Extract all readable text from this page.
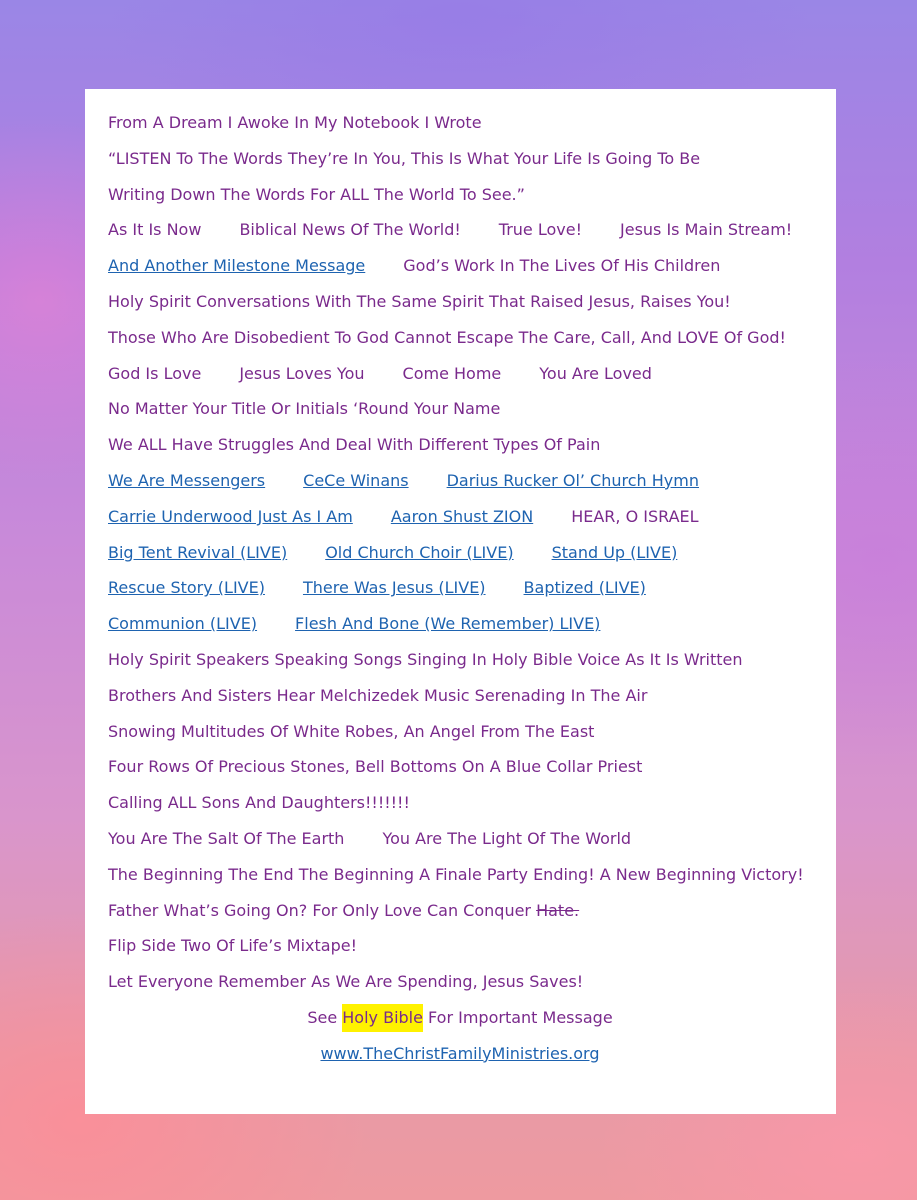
From A Dream I Awoke In My Notebook I Wrote
“LISTEN To The Words They’re In You, This Is What Your Life Is Going To Be
Writing Down The Words For ALL The World To See.”
As It Is Now Biblical News Of The World! True Love! Jesus Is Main Stream!
And Another Milestone Message God’s Work In The Lives Of His Children
Holy Spirit Conversations With The Same Spirit That Raised Jesus, Raises You!
Those Who Are Disobedient To God Cannot Escape The Care, Call, And LOVE Of God!
God Is Love Jesus Loves You Come Home You Are Loved
No Matter Your Title Or Initials ‘Round Your Name
We ALL Have Struggles And Deal With Different Types Of Pain
We Are Messengers CeCe Winans Darius Rucker Ol’ Church Hymn
Carrie Underwood Just As I Am Aaron Shust ZION HEAR, O ISRAEL
Big Tent Revival (LIVE) Old Church Choir (LIVE) Stand Up (LIVE)
Rescue Story (LIVE) There Was Jesus (LIVE) Baptized (LIVE)
Communion (LIVE) Flesh And Bone (We Remember) LIVE)
Holy Spirit Speakers Speaking Songs Singing In Holy Bible Voice As It Is Written
Brothers And Sisters Hear Melchizedek Music Serenading In The Air
Snowing Multitudes Of White Robes, An Angel From The East
Four Rows Of Precious Stones, Bell Bottoms On A Blue Collar Priest
Calling ALL Sons And Daughters!!!!!!!
You Are The Salt Of The Earth You Are The Light Of The World
The Beginning The End The Beginning A Finale Party Ending! A New Beginning Victory!
Father What’s Going On? For Only Love Can Conquer Hate.
Flip Side Two Of Life’s Mixtape!
Let Everyone Remember As We Are Spending, Jesus Saves!
See Holy Bible For Important Message
www.TheChristFamilyMinistries.org
